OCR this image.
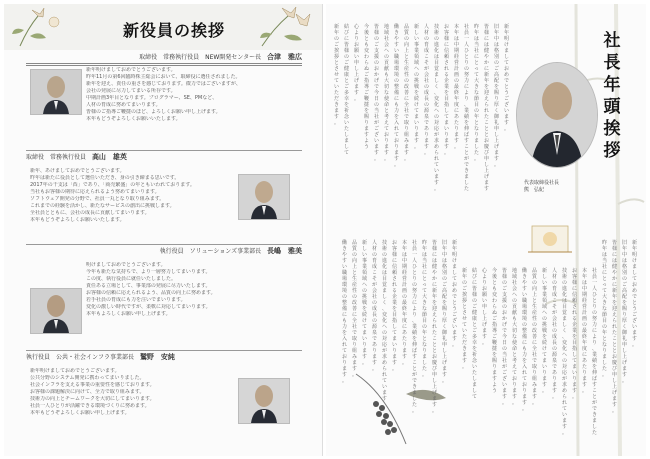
新役員の挨拶
取締役　常務執行役員　NEW開発センター長 合津　雅広
新年明けましておめでとうございます。
昨年11月の第6回臨時株主総会において、取締役に選任されました。
新年を迎え、責任の重さを感じております。微力ではございますが、
会社の発展に尽力してまいる所存です。
中期計画3年目となります。プログラマー、SE、PMなど、
人材の育成に努めてまいります。
皆様のご指導ご鞭撻のほど、よろしくお願い申し上げます。
本年もどうぞよろしくお願いいたします。
取締役　常務執行役員 高山　雄英
新年、あけましておめでとうございます。
昨年は新たに役員として選任いただき、身の引き締まる思いです。
2017年の干支は「酉」であり、「商売繁盛」の年ともいわれております。
当社もお客様の期待に応えられるよう努めてまいります。
ソフトウェア開発の分野で、社員一丸となり取り組みます。
これまでの経験を活かし、新たなサービスの創出に挑戦します。
全社員とともに、会社の成長に貢献してまいります。
本年もどうぞよろしくお願いいたします。
執行役員　ソリューションズ事業部長 長嶋　雅美
明けましておめでとうございます。
今年も新たな気持ちで、より一層努力してまいります。
この度、執行役員に就任いたしました。
責任ある立場として、事業部の発展に尽力いたします。
お客様の信頼に応えられるよう、品質の向上に努めます。
若手社員の育成にも力を注いでまいります。
変化の激しい時代ですが、柔軟に対応してまいります。
本年もよろしくお願い申し上げます。
執行役員　公共・社会インフラ事業部長 鷲野　安純
新年明けましておめでとうございます。
公共分野のシステム開発に携わってまいりました。
社会インフラを支える事業の重要性を感じております。
お客様の課題解決に向けて、全力で取り組みます。
技術力の向上とチームワークを大切にしてまいります。
社員一人ひとりが活躍できる環境づくりに努めます。
本年もどうぞよろしくお願い申し上げます。
新
年
明
け
ま
し
て
お
め
で
と
う
ご
ざ
い
ま
す
。
旧
年
中
は
格
別
の
ご
高
配
を
賜
り
厚
く
御
礼
申
し
上
げ
ま
す
。
皆
様
に
は
健
や
か
に
新
年
を
迎
え
ら
れ
た
こ
と
と
お
慶
び
申
し
上
げ
ま
す
昨
年
は
当
社
に
と
っ
て
大
き
な
節
目
の
年
と
な
り
ま
し
た
。
社
員
一
人
ひ
と
り
の
努
力
に
よ
り
、
業
績
を
伸
ば
す
こ
と
が
で
き
ま
し
た
本
年
は
中
期
経
営
計
画
の
最
終
年
度
に
あ
た
り
ま
す
。
お
客
様
に
信
頼
さ
れ
る
企
業
を
目
指
し
て
ま
い
り
ま
す
。
技
術
の
進
化
は
目
覚
ま
し
く
、
変
化
へ
の
対
応
が
求
め
ら
れ
て
い
ま
す
。
人
材
の
育
成
こ
そ
が
会
社
の
成
長
の
源
泉
で
あ
り
ま
す
。
新
し
い
事
業
領
域
へ
の
挑
戦
を
続
け
て
ま
い
り
ま
す
。
品
質
の
向
上
と
生
産
性
の
改
善
に
全
社
で
取
り
組
み
ま
す
。
働
き
や
す
い
職
場
環
境
の
整
備
に
も
力
を
入
れ
て
お
り
ま
す
。
地
域
社
会
へ
の
貢
献
も
大
切
な
使
命
と
考
え
て
お
り
ま
す
。
皆
様
の
ご
支
援
の
お
か
げ
で
今
日
の
当
社
が
ご
ざ
い
ま
す
。
今
後
と
も
変
わ
ら
ぬ
ご
指
導
ご
鞭
撻
を
賜
り
ま
す
よ
う
心
よ
り
お
願
い
申
し
上
げ
ま
す
。
結
び
に
皆
様
の
ご
健
康
と
ご
多
幸
を
祈
念
い
た
し
ま
し
て
新
年
の
ご
挨
拶
と
さ
せ
て
い
た
だ
き
ま
す
。
新
年
明
け
ま
し
て
お
め
で
と
う
ご
ざ
い
ま
す
。
旧
年
中
は
格
別
の
ご
高
配
を
賜
り
厚
く
御
礼
申
し
上
げ
ま
す
。
皆
様
に
は
健
や
か
に
新
年
を
迎
え
ら
れ
た
こ
と
と
お
慶
び
申
し
上
げ
ま
す
。
昨
年
は
当
社
に
と
っ
て
大
き
な
節
目
の
年
と
な
り
ま
し
た
。
社
員
一
人
ひ
と
り
の
努
力
に
よ
り
、
業
績
を
伸
ば
す
こ
と
が
で
き
ま
し
た
本
年
は
中
期
経
営
計
画
の
最
終
年
度
に
あ
た
り
ま
す
。
お
客
様
に
信
頼
さ
れ
る
企
業
を
目
指
し
て
ま
い
り
ま
す
。
技
術
の
進
化
は
目
覚
ま
し
く
、
変
化
へ
の
対
応
が
求
め
ら
れ
て
い
ま
す
。
人
材
の
育
成
こ
そ
が
会
社
の
成
長
の
源
泉
で
あ
り
ま
す
。
新
し
い
事
業
領
域
へ
の
挑
戦
を
続
け
て
ま
い
り
ま
す
。
品
質
の
向
上
と
生
産
性
の
改
善
に
全
社
で
取
り
組
み
ま
す
。
働
き
や
す
い
職
場
環
境
の
整
備
に
も
力
を
入
れ
て
お
り
ま
す
。
地
域
社
会
へ
の
貢
献
も
大
切
な
使
命
と
考
え
て
お
り
ま
す
。
皆
様
の
ご
支
援
の
お
か
げ
で
今
日
の
当
社
が
ご
ざ
い
ま
す
。
今
後
と
も
変
わ
ら
ぬ
ご
指
導
ご
鞭
撻
を
賜
り
ま
す
よ
う
心
よ
り
お
願
い
申
し
上
げ
ま
す
。
結
び
に
皆
様
の
ご
健
康
と
ご
多
幸
を
祈
念
い
た
し
ま
し
て
新
年
の
ご
挨
拶
と
さ
せ
て
い
た
だ
き
ま
す
。
新
年
明
け
ま
し
て
お
め
で
と
う
ご
ざ
い
ま
す
。
旧
年
中
は
格
別
の
ご
高
配
を
賜
り
厚
く
御
礼
申
し
上
げ
ま
す
。
皆
様
に
は
健
や
か
に
新
年
を
迎
え
ら
れ
た
こ
と
と
お
慶
び
申
し
上
げ
ま
す
。
昨
年
は
当
社
に
と
っ
て
大
き
な
節
目
の
年
と
な
り
ま
し
た
。
社
員
一
人
ひ
と
り
の
努
力
に
よ
り
、
業
績
を
伸
ば
す
こ
と
が
で
き
ま
し
た
。
本
年
は
中
期
経
営
計
画
の
最
終
年
度
に
あ
た
り
ま
す
。
お
客
様
に
信
頼
さ
れ
る
企
業
を
目
指
し
て
ま
い
り
ま
す
。
技
術
の
進
化
は
目
覚
ま
し
く
、
変
化
へ
の
対
応
が
求
め
ら
れ
て
い
ま
す
。
人
材
の
育
成
こ
そ
が
会
社
の
成
長
の
源
泉
で
あ
り
ま
す
。
新
し
い
事
業
領
域
へ
の
挑
戦
を
続
け
て
ま
い
り
ま
す
。
品
質
の
向
上
と
生
産
性
の
改
善
に
全
社
で
取
り
組
み
ま
す
。
働
き
や
す
い
職
場
環
境
の
整
備
に
も
力
を
入
れ
て
お
り
ま
す
。
社
長
年
頭
挨
拶
代表取締役社長
熊　弘紀
